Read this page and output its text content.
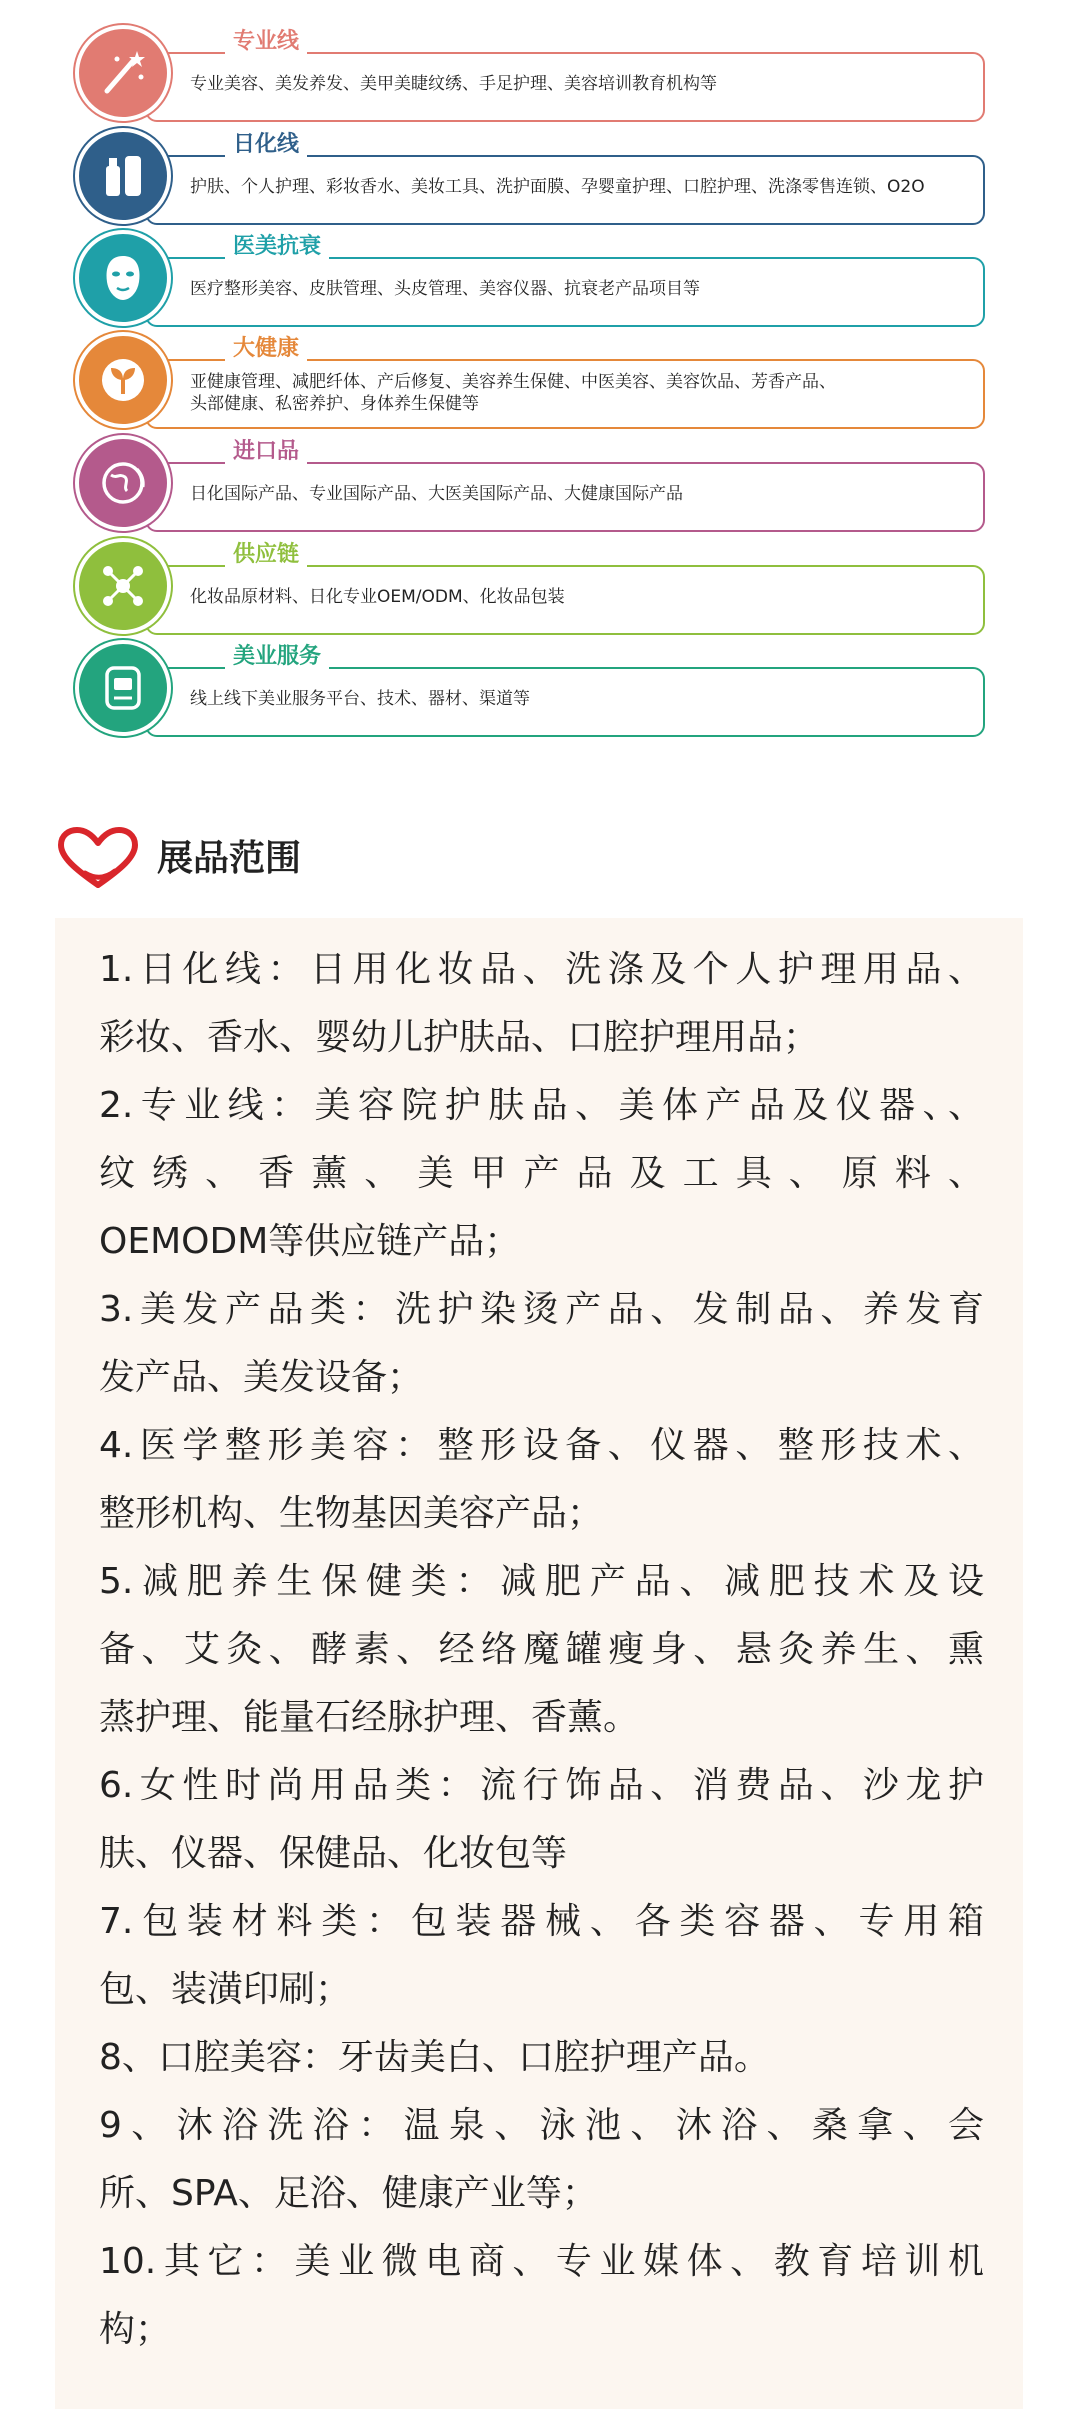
专业线
专业美容、美发养发、美甲美睫纹绣、手足护理、美容培训教育机构等
日化线
护肤、个人护理、彩妆香水、美妆工具、洗护面膜、孕婴童护理、口腔护理、洗涤零售连锁、O2O
医美抗衰
医疗整形美容、皮肤管理、头皮管理、美容仪器、抗衰老产品项目等
大健康
亚健康管理、减肥纤体、产后修复、美容养生保健、中医美容、美容饮品、芳香产品、
头部健康、私密养护、身体养生保健等
进口品
日化国际产品、专业国际产品、大医美国际产品、大健康国际产品
供应链
化妆品原材料、日化专业OEM/ODM、化妆品包装
美业服务
线上线下美业服务平台、技术、器材、渠道等
展品范围
1.日化线：日用化妆品、洗涤及个人护理用品、
彩妆、香水、婴幼儿护肤品、口腔护理用品；
2.专业线：美容院护肤品、美体产品及仪器、、
纹绣、香薰、美甲产品及工具、原料、
OEMODM等供应链产品；
3.美发产品类：洗护染烫产品、发制品、养发育
发产品、美发设备；
4.医学整形美容：整形设备、仪器、整形技术、
整形机构、生物基因美容产品；
5.减肥养生保健类：减肥产品、减肥技术及设
备、艾灸、酵素、经络魔罐瘦身、悬灸养生、熏
蒸护理、能量石经脉护理、香薰。
6.女性时尚用品类：流行饰品、消费品、沙龙护
肤、仪器、保健品、化妆包等
7.包装材料类：包装器械、各类容器、专用箱
包、装潢印刷；
8、口腔美容：牙齿美白、口腔护理产品。
9、沐浴洗浴：温泉、泳池、沐浴、桑拿、会
所、SPA、足浴、健康产业等；
10.其它：美业微电商、专业媒体、教育培训机
构；
